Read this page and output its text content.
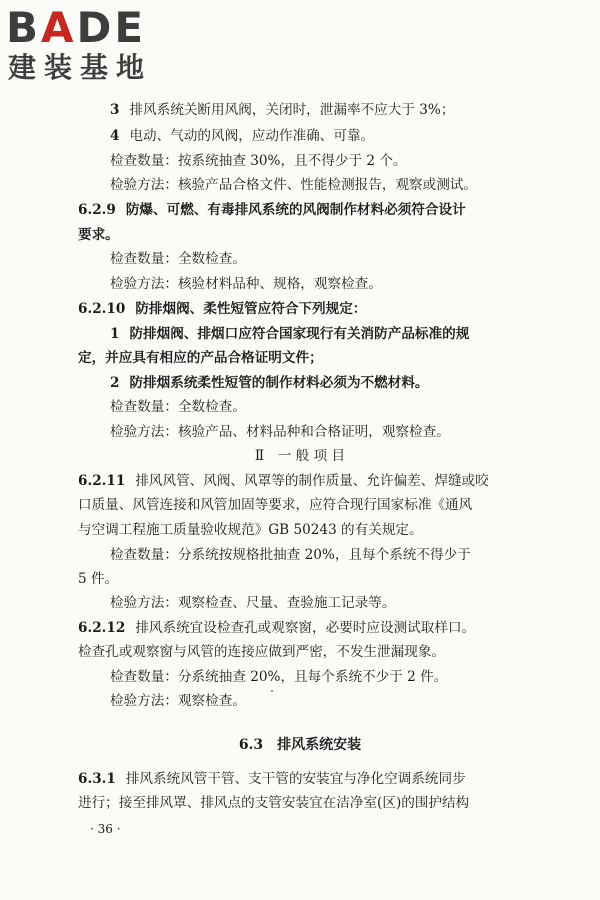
BADE
建装基地
3 排风系统关断用风阀，关闭时，泄漏率不应大于 3%；
4 电动、气动的风阀，应动作准确、可靠。
检查数量：按系统抽查 30%，且不得少于 2 个。
检验方法：核验产品合格文件、性能检测报告，观察或测试。
6.2.9 防爆、可燃、有毒排风系统的风阀制作材料必须符合设计
要求。
检查数量：全数检查。
检验方法：核验材料品种、规格，观察检查。
6.2.10 防排烟阀、柔性短管应符合下列规定：
1 防排烟阀、排烟口应符合国家现行有关消防产品标准的规
定，并应具有相应的产品合格证明文件；
2 防排烟系统柔性短管的制作材料必须为不燃材料。
检查数量：全数检查。
检验方法：核验产品、材料品种和合格证明，观察检查。
Ⅱ　一 般 项 目
6.2.11 排风风管、风阀、风罩等的制作质量、允许偏差、焊缝或咬
口质量、风管连接和风管加固等要求，应符合现行国家标准《通风
与空调工程施工质量验收规范》GB 50243 的有关规定。
检查数量：分系统按规格批抽查 20%，且每个系统不得少于
5 件。
检验方法：观察检查、尺量、查验施工记录等。
6.2.12 排风系统宜设检查孔或观察窗，必要时应设测试取样口。
检查孔或观察窗与风管的连接应做到严密，不发生泄漏现象。
检查数量：分系统抽查 20%，且每个系统不少于 2 件。
检验方法：观察检查。
6.3　排风系统安装
6.3.1 排风系统风管干管、支干管的安装宜与净化空调系统同步
进行；接至排风罩、排风点的支管安装宜在洁净室(区)的围护结构
· 36 ·
